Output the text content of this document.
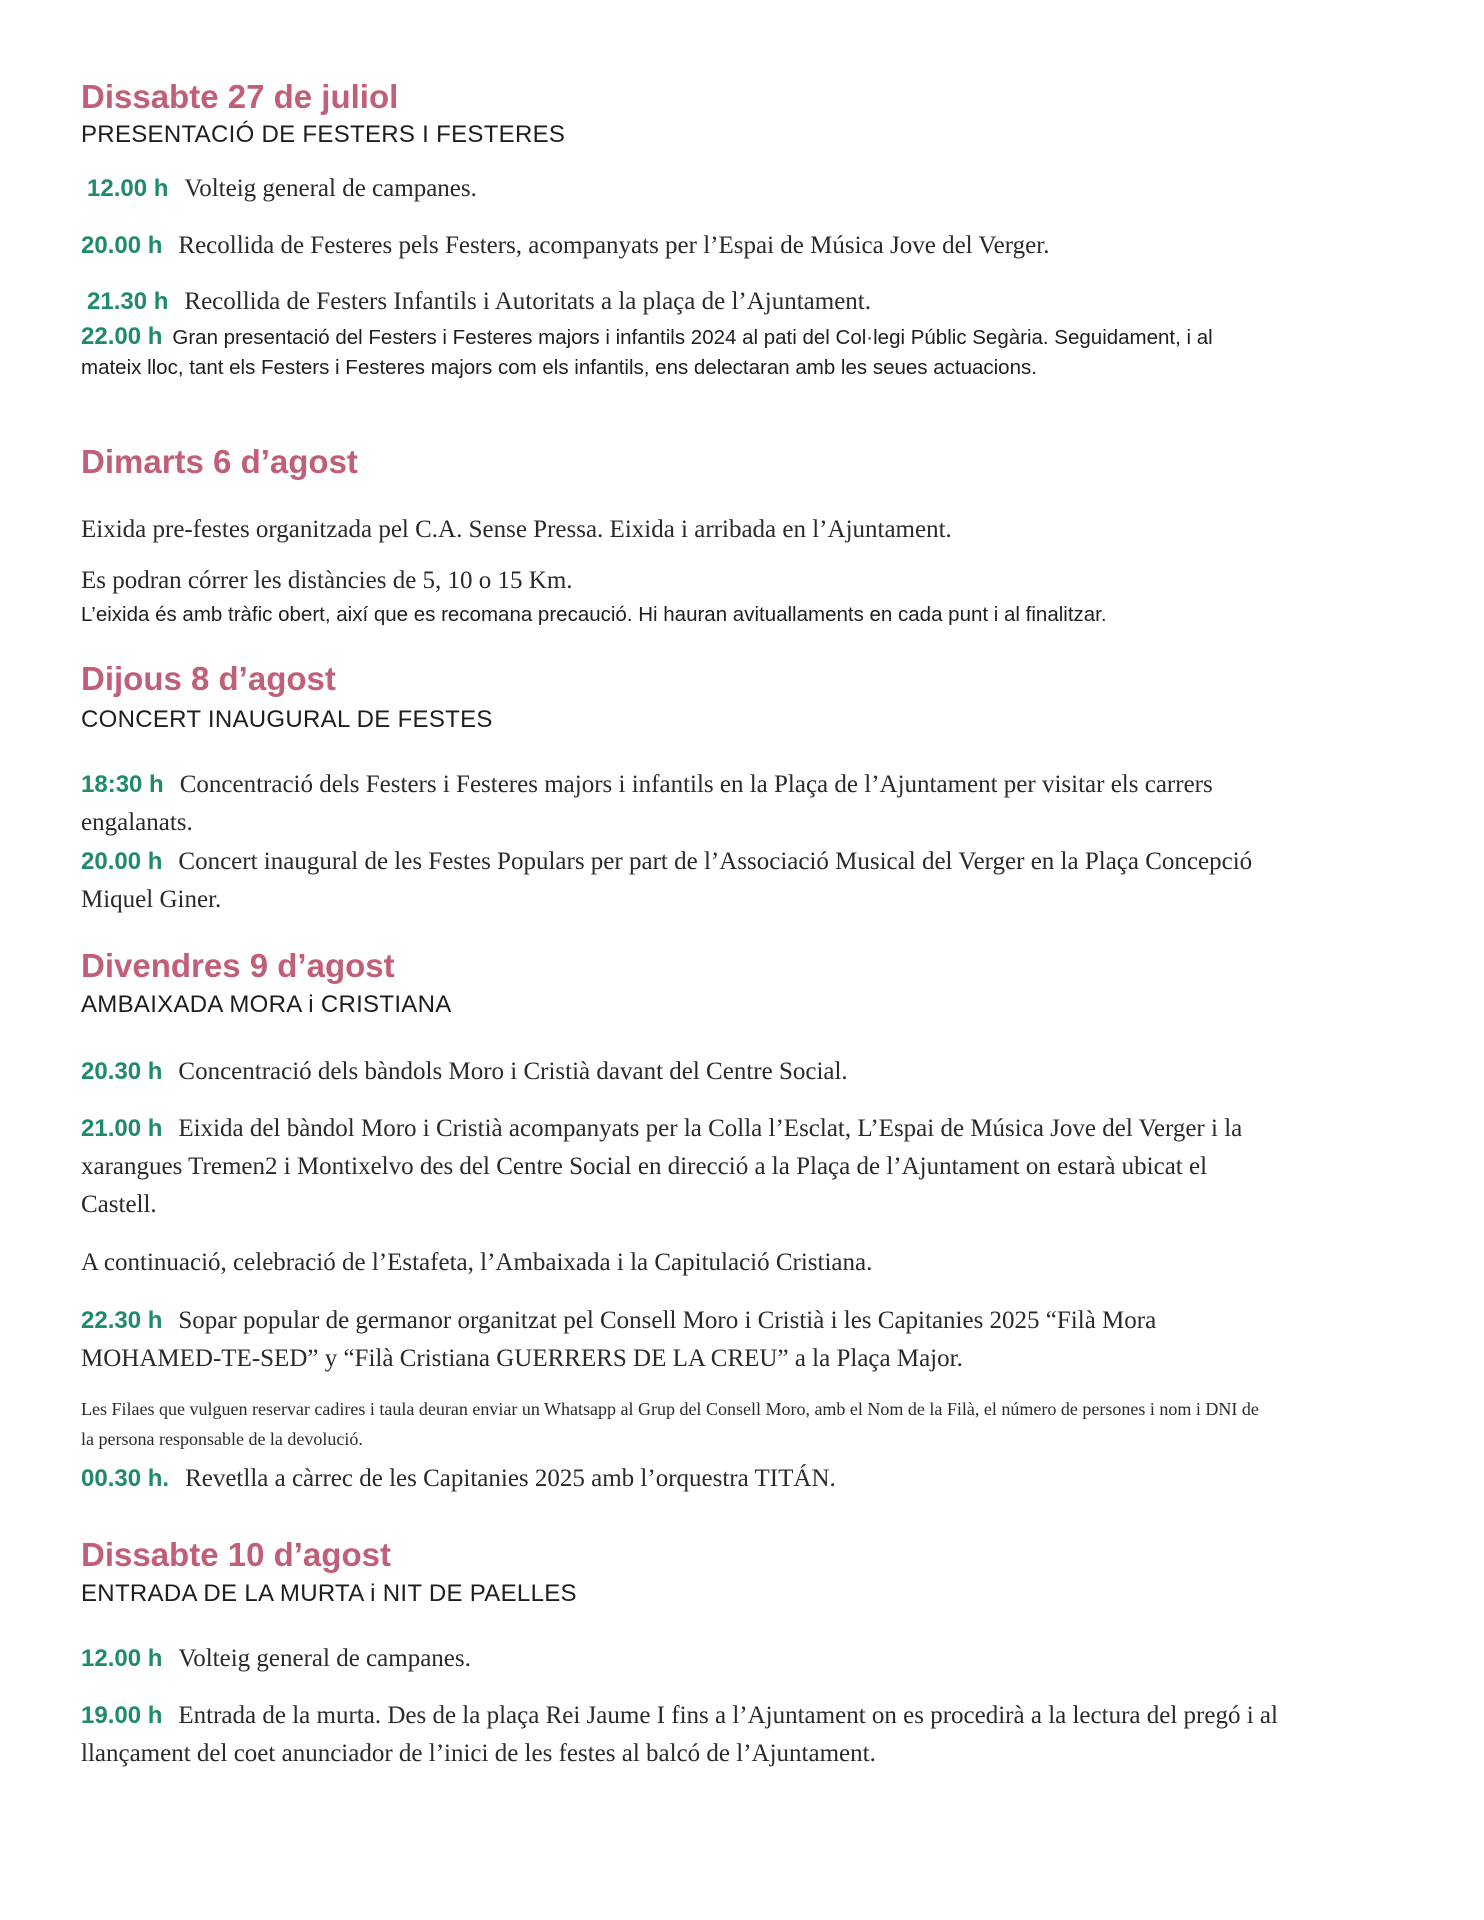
Dissabte 27 de juliol
PRESENTACIÓ DE FESTERS I FESTERES
12.00 h Volteig general de campanes.
20.00 h Recollida de Festeres pels Festers, acompanyats per l’Espai de Música Jove del Verger.
21.30 h Recollida de Festers Infantils i Autoritats a la plaça de l’Ajuntament.
22.00 h Gran presentació del Festers i Festeres majors i infantils 2024 al pati del Col·legi Públic Segària. Seguidament, i al mateix lloc, tant els Festers i Festeres majors com els infantils, ens delectaran amb les seues actuacions.
Dimarts 6 d’agost
Eixida pre-festes organitzada pel C.A. Sense Pressa. Eixida i arribada en l’Ajuntament.
Es podran córrer les distàncies de 5, 10 o 15 Km.
L’eixida és amb tràfic obert, així que es recomana precaució. Hi hauran avituallaments en cada punt i al finalitzar.
Dijous 8 d’agost
CONCERT INAUGURAL DE FESTES
18:30 h Concentració dels Festers i Festeres majors i infantils en la Plaça de l’Ajuntament per visitar els carrers engalanats.
20.00 h Concert inaugural de les Festes Populars per part de l’Associació Musical del Verger en la Plaça Concepció Miquel Giner.
Divendres 9 d’agost
AMBAIXADA MORA i CRISTIANA
20.30 h Concentració dels bàndols Moro i Cristià davant del Centre Social.
21.00 h Eixida del bàndol Moro i Cristià acompanyats per la Colla l’Esclat, L’Espai de Música Jove del Verger i la xarangues Tremen2 i Montixelvo des del Centre Social en direcció a la Plaça de l’Ajuntament on estarà ubicat el Castell.
A continuació, celebració de l’Estafeta, l’Ambaixada i la Capitulació Cristiana.
22.30 h Sopar popular de germanor organitzat pel Consell Moro i Cristià i les Capitanies 2025 “Filà Mora MOHAMED-TE-SED” y “Filà Cristiana GUERRERS DE LA CREU” a la Plaça Major.
Les Filaes que vulguen reservar cadires i taula deuran enviar un Whatsapp al Grup del Consell Moro, amb el Nom de la Filà, el número de persones i nom i DNI de la persona responsable de la devolució.
00.30 h. Revetlla a càrrec de les Capitanies 2025 amb l’orquestra TITÁN.
Dissabte 10 d’agost
ENTRADA DE LA MURTA i NIT DE PAELLES
12.00 h Volteig general de campanes.
19.00 h Entrada de la murta. Des de la plaça Rei Jaume I fins a l’Ajuntament on es procedirà a la lectura del pregó i al llançament del coet anunciador de l’inici de les festes al balcó de l’Ajuntament.
